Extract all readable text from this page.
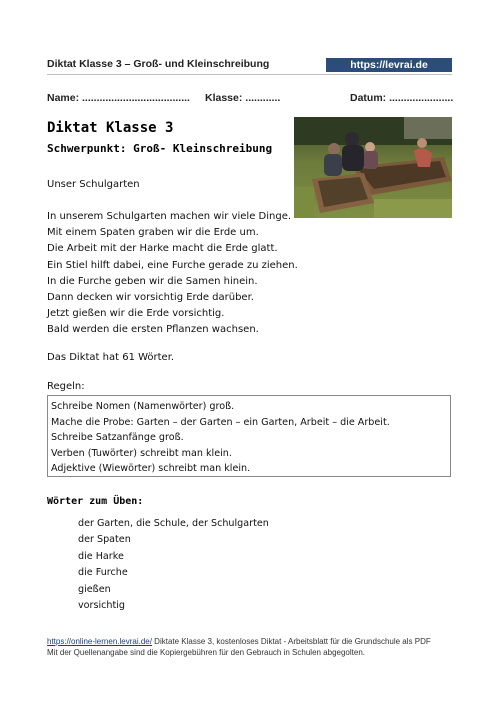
Diktat Klasse 3 – Groß- und Kleinschreibung	https://levrai.de
Name: ..................................... Klasse: ............	Datum: ......................
Diktat Klasse 3
Schwerpunkt: Groß- Kleinschreibung
Unser Schulgarten
In unserem Schulgarten machen wir viele Dinge.
Mit einem Spaten graben wir die Erde um.
Die Arbeit mit der Harke macht die Erde glatt.
Ein Stiel hilft dabei, eine Furche gerade zu ziehen.
In die Furche geben wir die Samen hinein.
Dann decken wir vorsichtig Erde darüber.
Jetzt gießen wir die Erde vorsichtig.
Bald werden die ersten Pflanzen wachsen.
Das Diktat hat 61 Wörter.
Regeln:
Schreibe Nomen (Namenwörter) groß.
Mache die Probe: Garten – der Garten – ein Garten, Arbeit – die Arbeit.
Schreibe Satzanfänge groß.
Verben (Tuwörter) schreibt man klein.
Adjektive (Wiewörter) schreibt man klein.
Wörter zum Üben:
der Garten, die Schule, der Schulgarten
der Spaten
die Harke
die Furche
gießen
vorsichtig
https://online-lernen.levrai.de/ Diktate Klasse 3, kostenloses Diktat - Arbeitsblatt für die Grundschule als PDF
Mit der Quellenangabe sind die Kopiergebühren für den Gebrauch in Schulen abgegolten.
